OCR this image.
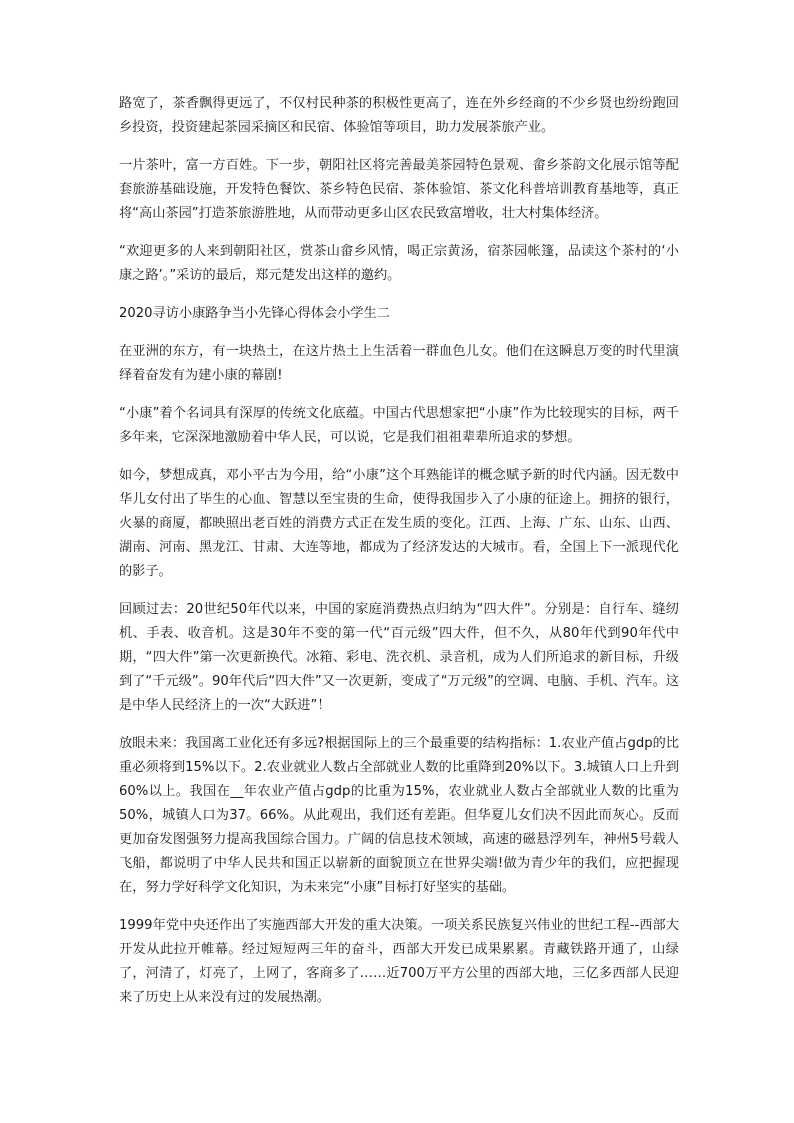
路宽了，茶香飘得更远了，不仅村民种茶的积极性更高了，连在外乡经商的不少乡贤也纷纷跑回乡投资，投资建起茶园采摘区和民宿、体验馆等项目，助力发展茶旅产业。

一片茶叶，富一方百姓。下一步，朝阳社区将完善最美茶园特色景观、畲乡茶韵文化展示馆等配套旅游基础设施，开发特色餐饮、茶乡特色民宿、茶体验馆、茶文化科普培训教育基地等，真正将“高山茶园”打造茶旅游胜地，从而带动更多山区农民致富增收，壮大村集体经济。

“欢迎更多的人来到朝阳社区，赏茶山畲乡风情，喝正宗黄汤，宿茶园帐篷，品读这个茶村的‘小康之路’。”采访的最后，郑元楚发出这样的邀约。

2020寻访小康路争当小先锋心得体会小学生二

在亚洲的东方，有一块热土，在这片热土上生活着一群血色儿女。他们在这瞬息万变的时代里演绎着奋发有为建小康的幕剧!

“小康”着个名词具有深厚的传统文化底蕴。中国古代思想家把“小康”作为比较现实的目标，两千多年来，它深深地激励着中华人民，可以说，它是我们祖祖辈辈所追求的梦想。

如今，梦想成真，邓小平古为今用，给“小康”这个耳熟能详的概念赋予新的时代内涵。因无数中华儿女付出了毕生的心血、智慧以至宝贵的生命，使得我国步入了小康的征途上。拥挤的银行，火暴的商厦，都映照出老百姓的消费方式正在发生质的变化。江西、上海、广东、山东、山西、湖南、河南、黑龙江、甘肃、大连等地，都成为了经济发达的大城市。看，全国上下一派现代化的影子。

回顾过去：20世纪50年代以来，中国的家庭消费热点归纳为“四大件”。分别是：自行车、缝纫机、手表、收音机。这是30年不变的第一代“百元级”四大件，但不久，从80年代到90年代中期，“四大件”第一次更新换代。冰箱、彩电、洗衣机、录音机，成为人们所追求的新目标，升级到了“千元级”。90年代后“四大件”又一次更新，变成了“万元级”的空调、电脑、手机、汽车。这是中华人民经济上的一次“大跃进”！

放眼未来：我国离工业化还有多远?根据国际上的三个最重要的结构指标：1.农业产值占gdp的比重必须将到15%以下。2.农业就业人数占全部就业人数的比重降到20%以下。3.城镇人口上升到60%以上。我国在__年农业产值占gdp的比重为15%，农业就业人数占全部就业人数的比重为50%，城镇人口为37。66%。从此观出，我们还有差距。但华夏儿女们决不因此而灰心。反而更加奋发图强努力提高我国综合国力。广阔的信息技术领域，高速的磁悬浮列车，神州5号载人飞船，都说明了中华人民共和国正以崭新的面貌顶立在世界尖端!做为青少年的我们，应把握现在，努力学好科学文化知识，为未来完“小康”目标打好坚实的基础。

1999年党中央还作出了实施西部大开发的重大决策。一项关系民族复兴伟业的世纪工程--西部大开发从此拉开帷幕。经过短短两三年的奋斗，西部大开发已成果累累。青藏铁路开通了，山绿了，河清了，灯亮了，上网了，客商多了……近700万平方公里的西部大地，三亿多西部人民迎来了历史上从来没有过的发展热潮。
